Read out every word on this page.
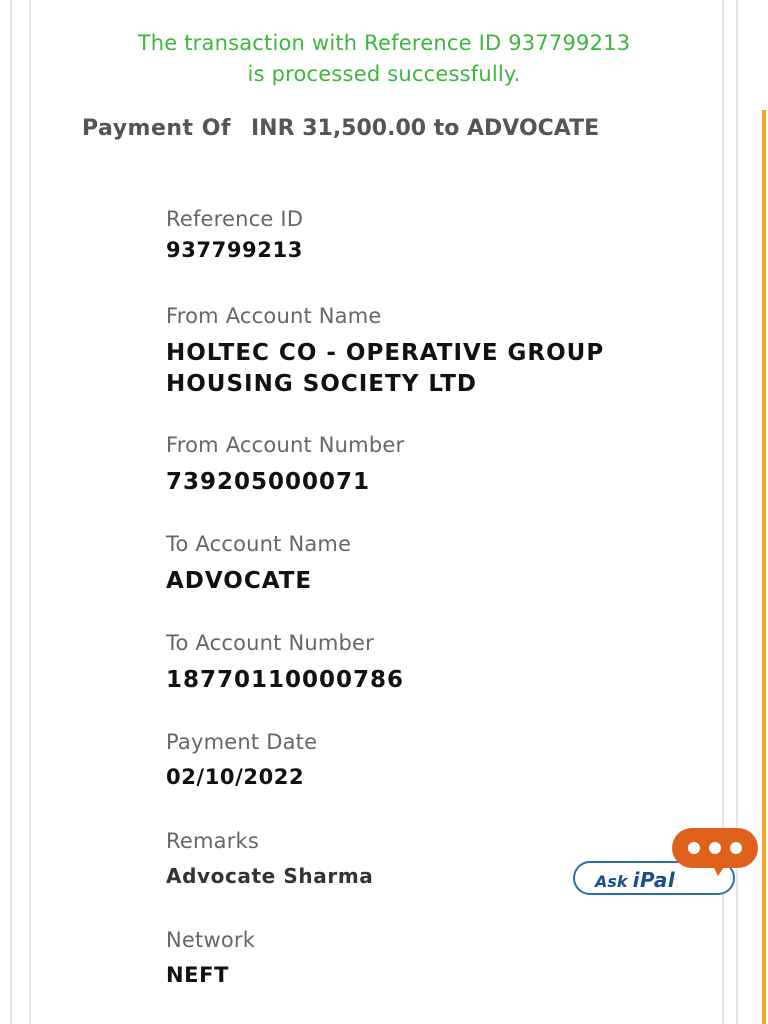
The transaction with Reference ID 937799213
is processed successfully.
Payment Of INR 31,500.00 to ADVOCATE
Reference ID
937799213
From Account Name
HOLTEC CO - OPERATIVE GROUP
HOUSING SOCIETY LTD
From Account Number
739205000071
To Account Name
ADVOCATE
To Account Number
18770110000786
Payment Date
02/10/2022
Remarks
Advocate Sharma
Network
NEFT
Ask iPal
